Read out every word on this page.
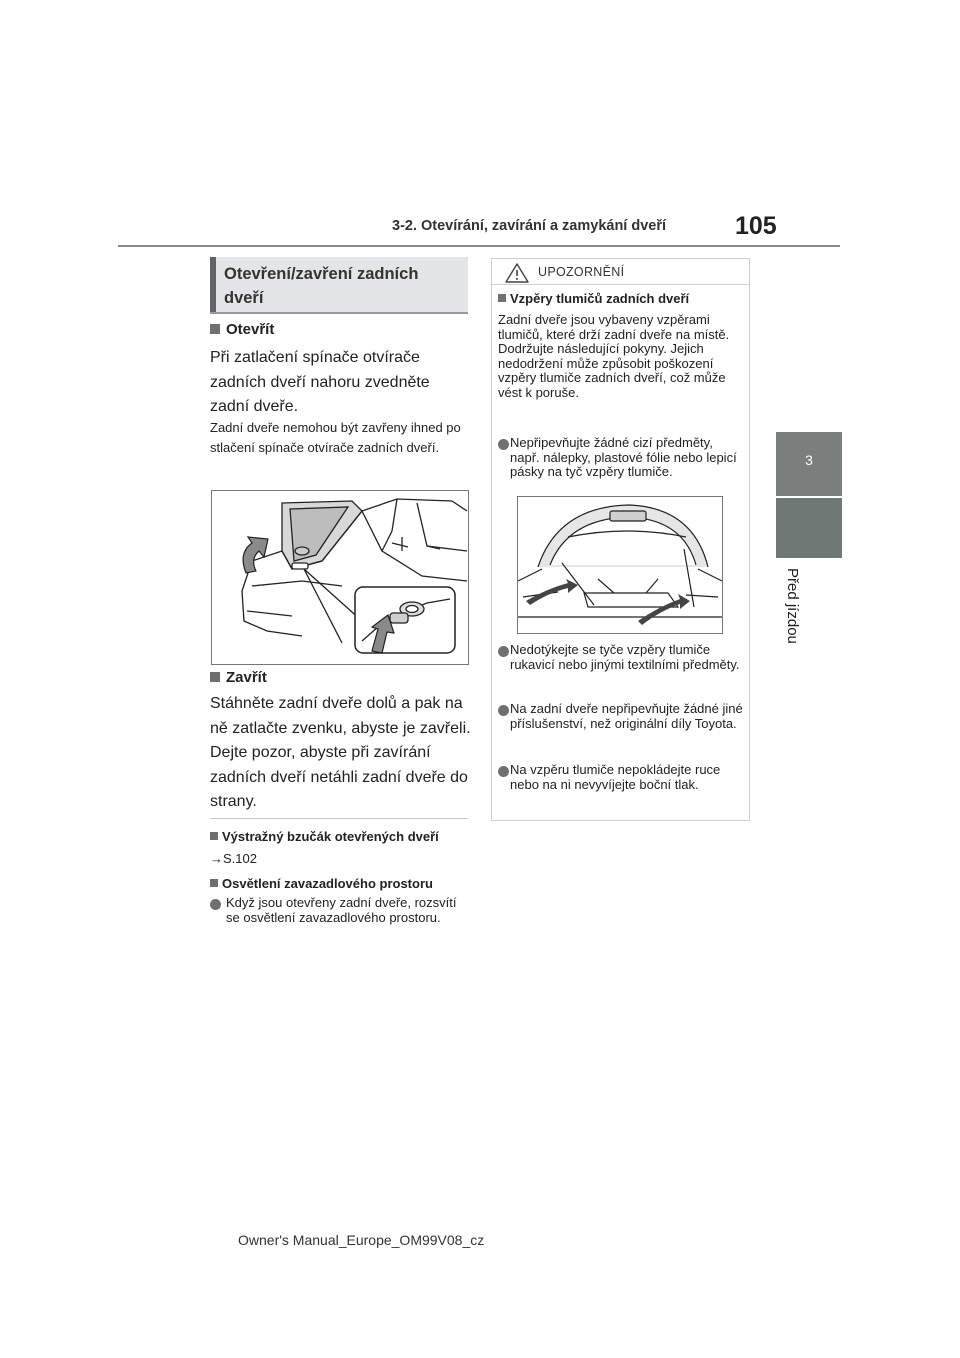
3-2. Otevírání, zavírání a zamykání dveří	105
3
Před jízdou
Otevření/zavření zadních dveří
Otevřít
Při zatlačení spínače otvírače zadních dveří nahoru zvedněte zadní dveře.
Zadní dveře nemohou být zavřeny ihned po stlačení spínače otvírače zadních dveří.
Zavřít
Stáhněte zadní dveře dolů a pak na ně zatlačte zvenku, abyste je zavřeli.
Dejte pozor, abyste při zavírání zadních dveří netáhli zadní dveře do strany.
Výstražný bzučák otevřených dveří
→S.102
Osvětlení zavazadlového prostoru
Když jsou otevřeny zadní dveře, rozsvítí se osvětlení zavazadlového prostoru.
UPOZORNĚNÍ
Vzpěry tlumičů zadních dveří
Zadní dveře jsou vybaveny vzpěrami tlumičů, které drží zadní dveře na místě. Dodržujte následující pokyny. Jejich nedodržení může způsobit poškození vzpěry tlumiče zadních dveří, což může vést k poruše.
Nepřipevňujte žádné cizí předměty, např. nálepky, plastové fólie nebo lepicí pásky na tyč vzpěry tlumiče.
Nedotýkejte se tyče vzpěry tlumiče rukavicí nebo jinými textilními předměty.
Na zadní dveře nepřipevňujte žádné jiné příslušenství, než originální díly Toyota.
Na vzpěru tlumiče nepokládejte ruce nebo na ni nevyvíjejte boční tlak.
Owner's Manual_Europe_OM99V08_cz
